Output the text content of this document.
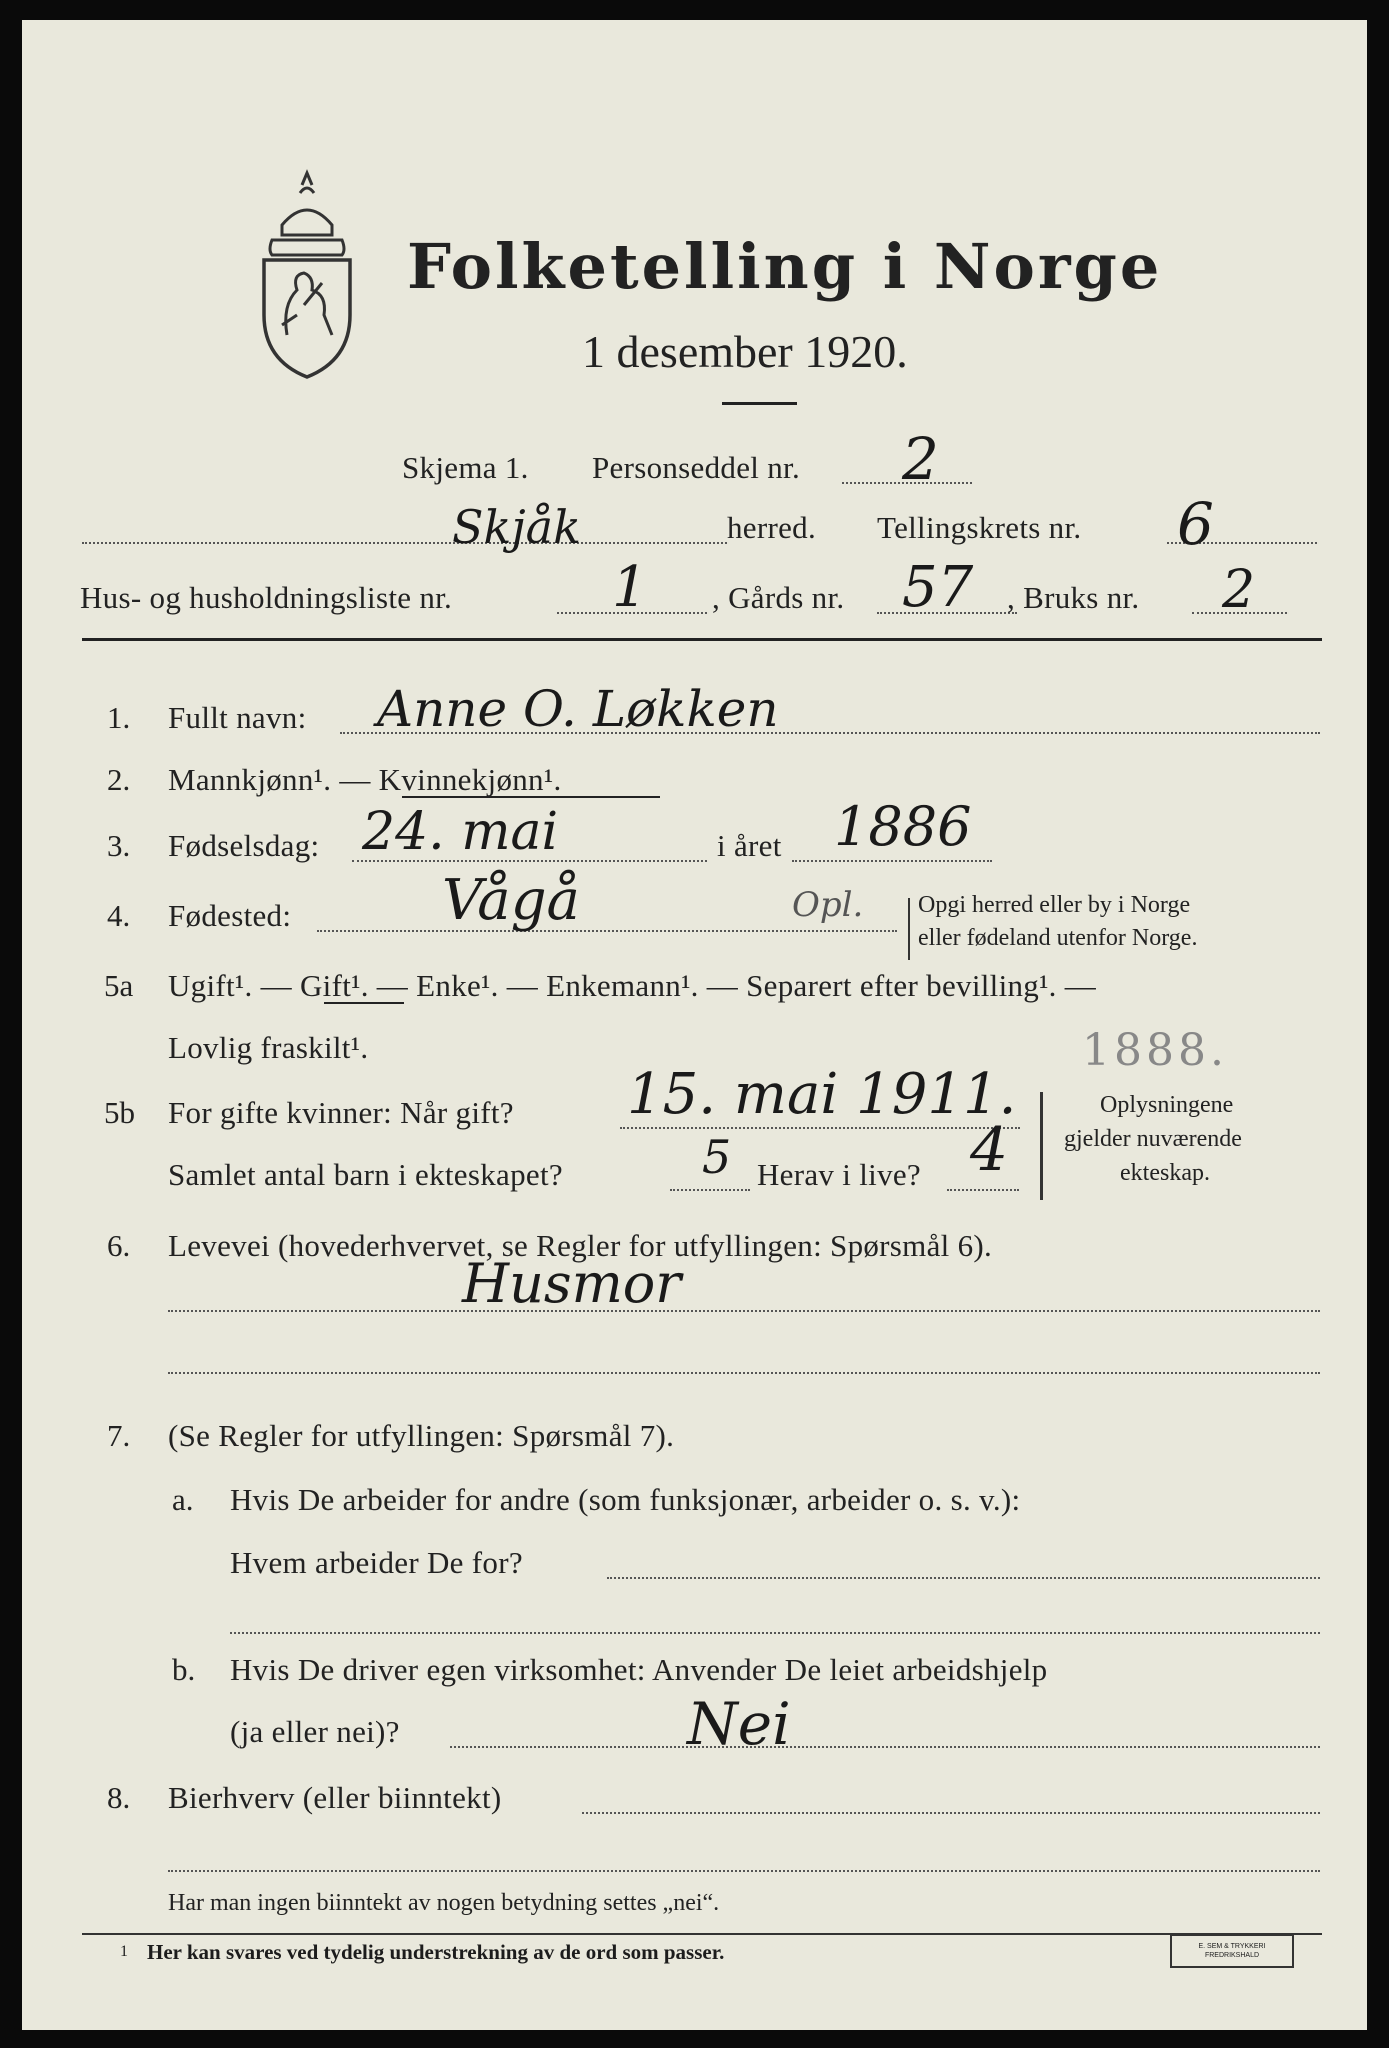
Folketelling i Norge
1 desember 1920.
Skjema 1. Personseddel nr. 2
Skjåk	herred. Tellingskrets nr. 6
Hus- og husholdningsliste nr.	1 , Gårds nr. 57 , Bruks nr. 2
1. Fullt navn: Anne O. Løkken
2. Mannkjønn¹. — Kvinnekjønn¹.
3. Fødselsdag: 24. mai	i året 1886
4. Fødested:	Vågå	Opl. Opgi herred eller by i Norge
eller fødeland utenfor Norge.
5a Ugift¹. — Gift¹. — Enke¹. — Enkemann¹. — Separert efter bevilling¹. —
Lovlig fraskilt¹.	1888.
5b For gifte kvinner: Når gift? 15. mai 1911.
Samlet antal barn i ekteskapet?	5 Herav i live? 4
Oplysningene
gjelder nuværende
ekteskap.
6. Levevei (hovederhvervet, se Regler for utfyllingen: Spørsmål 6).
Husmor
7. (Se Regler for utfyllingen: Spørsmål 7).
a. Hvis De arbeider for andre (som funksjonær, arbeider o. s. v.):
Hvem arbeider De for?
b. Hvis De driver egen virksomhet: Anvender De leiet arbeidshjelp
(ja eller nei)?	Nei
8. Bierhverv (eller biinntekt)
Har man ingen biinntekt av nogen betydning settes „nei“.
1 Her kan svares ved tydelig understrekning av de ord som passer.	E. SEM & TRYKKERI FREDRIKSHALD
